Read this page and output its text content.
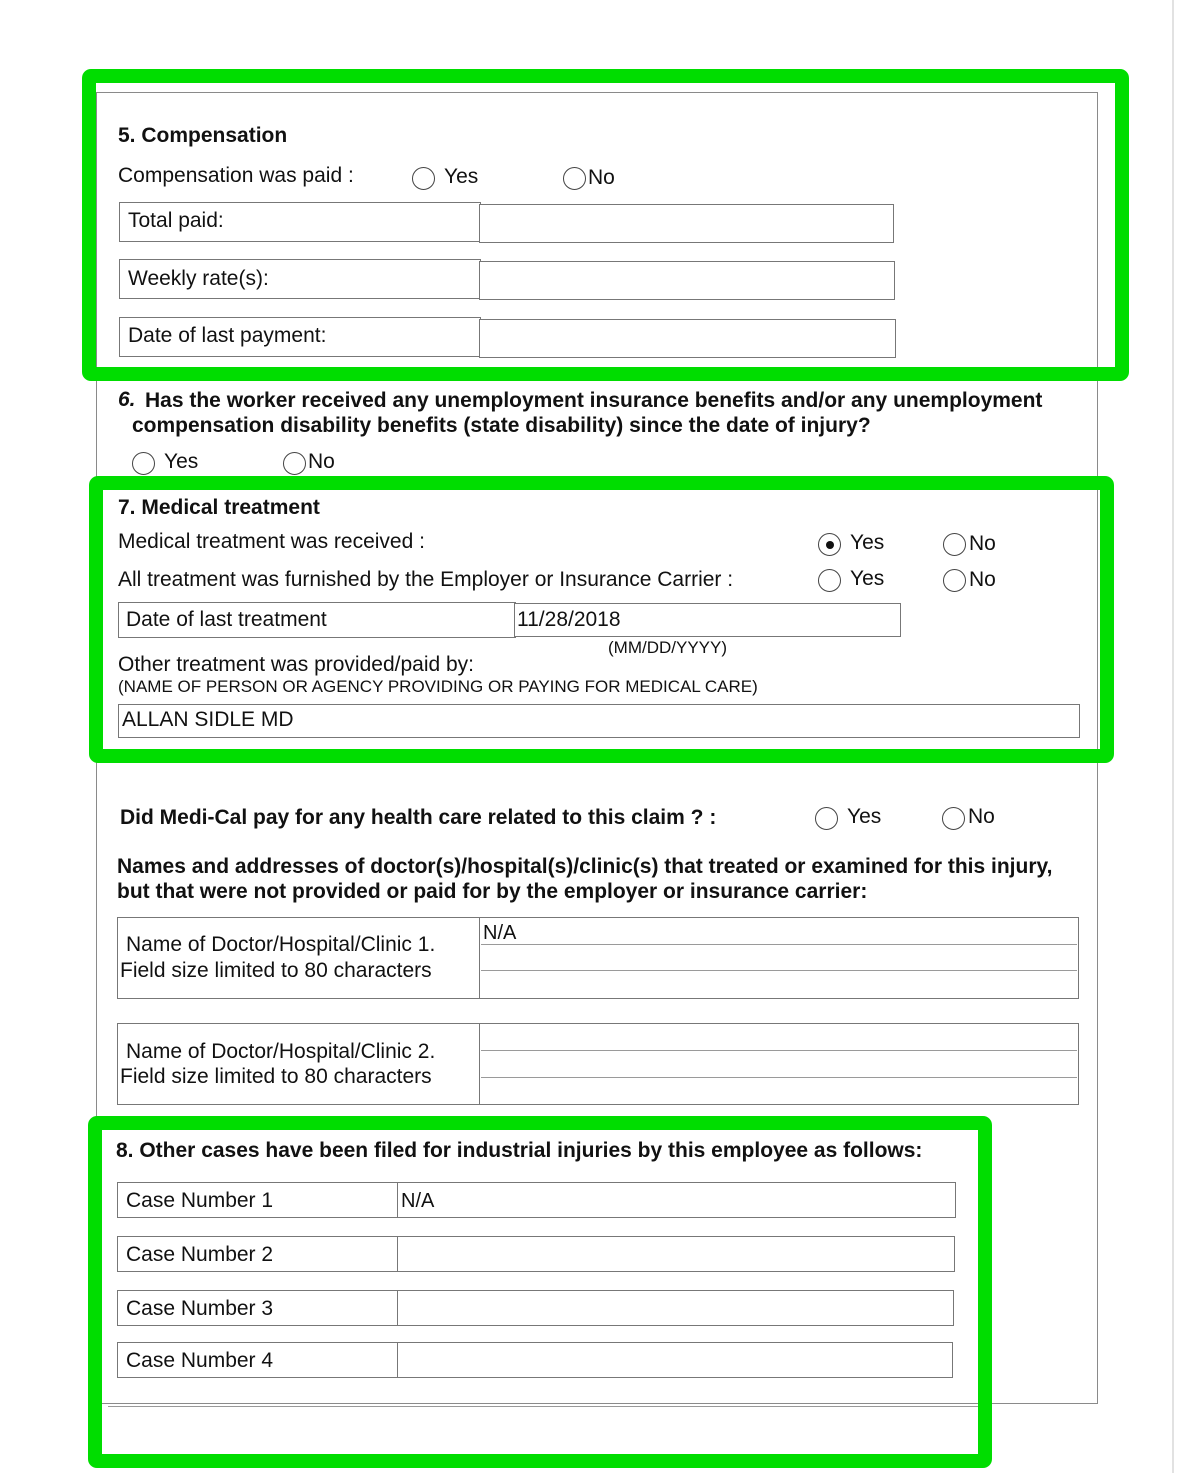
5. Compensation
Compensation was paid :	Yes	No
Total paid:
Weekly rate(s):
Date of last payment:
6. Has the worker received any unemployment insurance benefits and/or any unemployment
compensation disability benefits (state disability) since the date of injury?
Yes	No
7. Medical treatment
Medical treatment was received :	Yes	No
All treatment was furnished by the Employer or Insurance Carrier :	Yes	No
Date of last treatment	11/28/2018
(MM/DD/YYYY)
Other treatment was provided/paid by:
(NAME OF PERSON OR AGENCY PROVIDING OR PAYING FOR MEDICAL CARE)
ALLAN SIDLE MD
Did Medi-Cal pay for any health care related to this claim ? :	Yes	No
Names and addresses of doctor(s)/hospital(s)/clinic(s) that treated or examined for this injury,
but that were not provided or paid for by the employer or insurance carrier:
Name of Doctor/Hospital/Clinic 1.
Field size limited to 80 characters
N/A
Name of Doctor/Hospital/Clinic 2.
Field size limited to 80 characters
8. Other cases have been filed for industrial injuries by this employee as follows:
Case Number 1	N/A
Case Number 2
Case Number 3
Case Number 4
